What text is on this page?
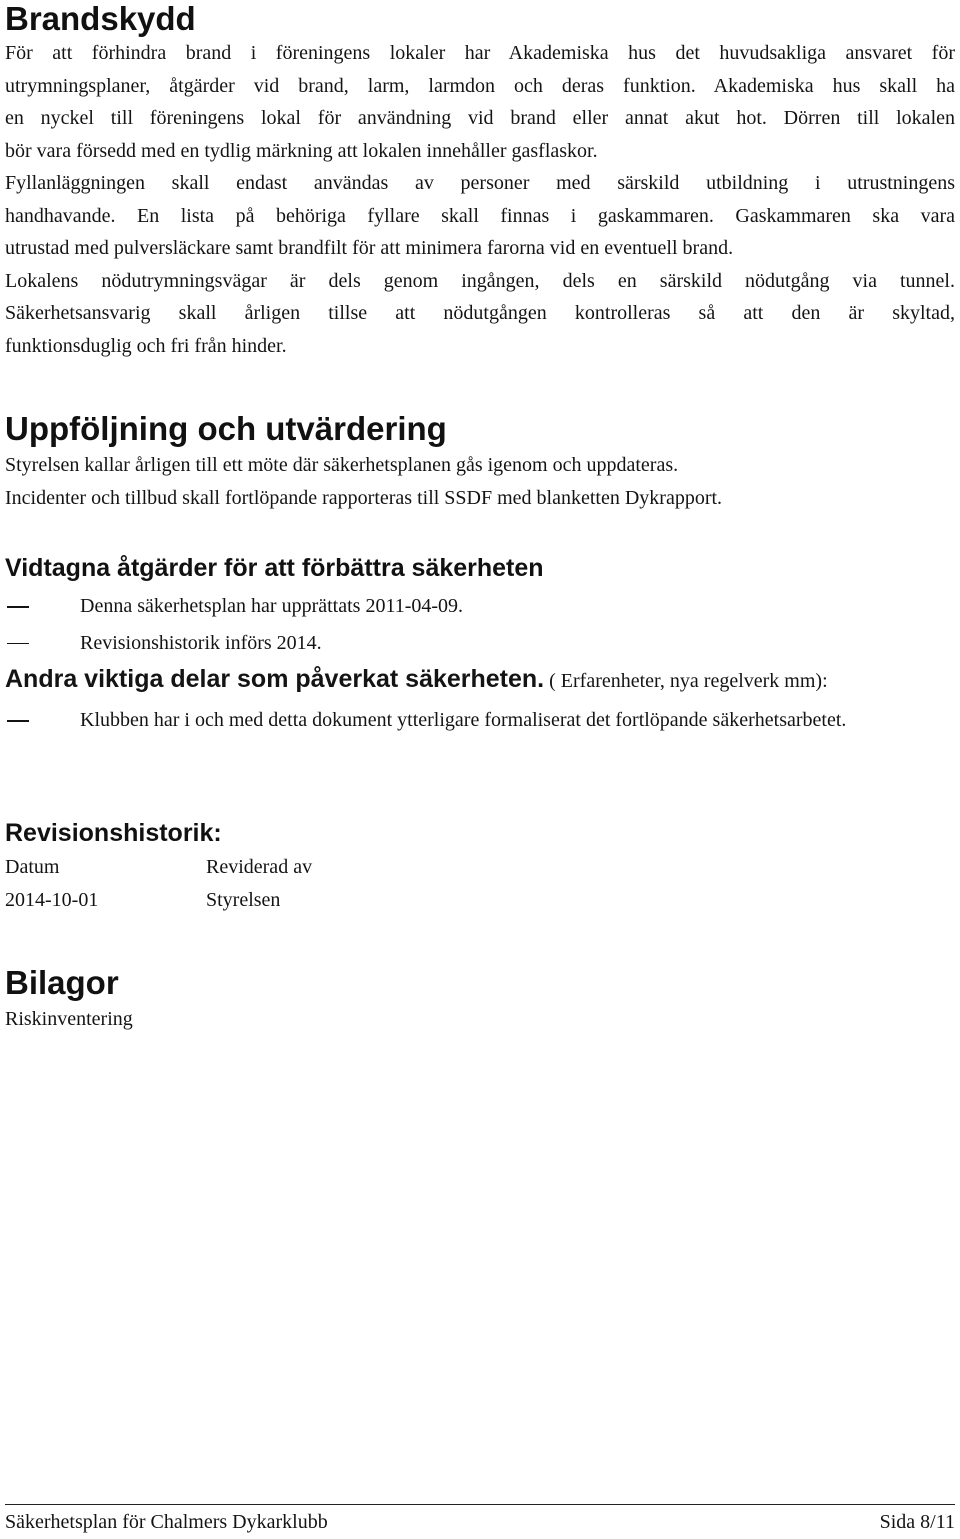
Brandskydd

För att förhindra brand i föreningens lokaler har Akademiska hus det huvudsakliga ansvaret för

utrymningsplaner, åtgärder vid brand, larm, larmdon och deras funktion. Akademiska hus skall ha

en nyckel till föreningens lokal för användning vid brand eller annat akut hot. Dörren till lokalen

bör vara försedd med en tydlig märkning att lokalen innehåller gasflaskor.

Fyllanläggningen skall endast användas av personer med särskild utbildning i utrustningens

handhavande. En lista på behöriga fyllare skall finnas i gaskammaren. Gaskammaren ska vara

utrustad med pulversläckare samt brandfilt för att minimera farorna vid en eventuell brand.

Lokalens nödutrymningsvägar är dels genom ingången, dels en särskild nödutgång via tunnel.

Säkerhetsansvarig skall årligen tillse att nödutgången kontrolleras så att den är skyltad,

funktionsduglig och fri från hinder.

Uppföljning och utvärdering

Styrelsen kallar årligen till ett möte där säkerhetsplanen gås igenom och uppdateras.

Incidenter och tillbud skall fortlöpande rapporteras till SSDF med blanketten Dykrapport.

Vidtagna åtgärder för att förbättra säkerheten
Denna säkerhetsplan har upprättats 2011-04-09.
Revisionshistorik införs 2014.
Andra viktiga delar som påverkat säkerheten. ( Erfarenheter, nya regelverk mm):
Klubben har i och med detta dokument ytterligare formaliserat det fortlöpande säkerhetsarbetet.
Revisionshistorik:
Datum	Reviderad av
2014-10-01	Styrelsen
Bilagor

Riskinventering

Säkerhetsplan för Chalmers Dykarklubb	Sida 8/11
